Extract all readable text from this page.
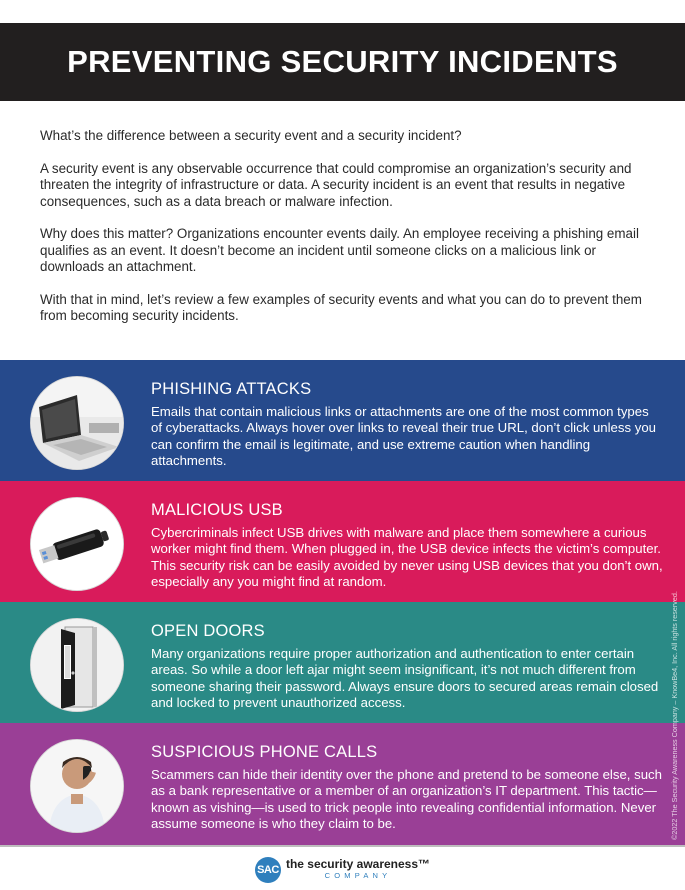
PREVENTING SECURITY INCIDENTS

What’s the difference between a security event and a security incident?

A security event is any observable occurrence that could compromise an organization’s security and threaten the integrity of infrastructure or data. A security incident is an event that results in negative consequences, such as a data breach or malware infection.

Why does this matter? Organizations encounter events daily. An employee receiving a phishing email qualifies as an event. It doesn’t become an incident until someone clicks on a malicious link or downloads an attachment.

With that in mind, let’s review a few examples of security events and what you can do to prevent them from becoming security incidents.

PHISHING ATTACKS

Emails that contain malicious links or attachments are one of the most common types of cyberattacks. Always hover over links to reveal their true URL, don’t click unless you can confirm the email is legitimate, and use extreme caution when handling attachments.

MALICIOUS USB

Cybercriminals infect USB drives with malware and place them somewhere a curious worker might find them. When plugged in, the USB device infects the victim’s computer. This security risk can be easily avoided by never using USB devices that you don’t own, especially any you might find at random.

OPEN DOORS

Many organizations require proper authorization and authentication to enter certain areas. So while a door left ajar might seem insignificant, it’s not much different from someone sharing their password. Always ensure doors to secured areas remain closed and locked to prevent unauthorized access.

SUSPICIOUS PHONE CALLS

Scammers can hide their identity over the phone and pretend to be someone else, such as a bank representative or a member of an organization’s IT department. This tactic—known as vishing—is used to trick people into revealing confidential information. Never assume someone is who they claim to be.	©2022 The Security Awareness Company – KnowBe4, Inc. All rights reserved.
SAC the security awareness™
COMPANY
